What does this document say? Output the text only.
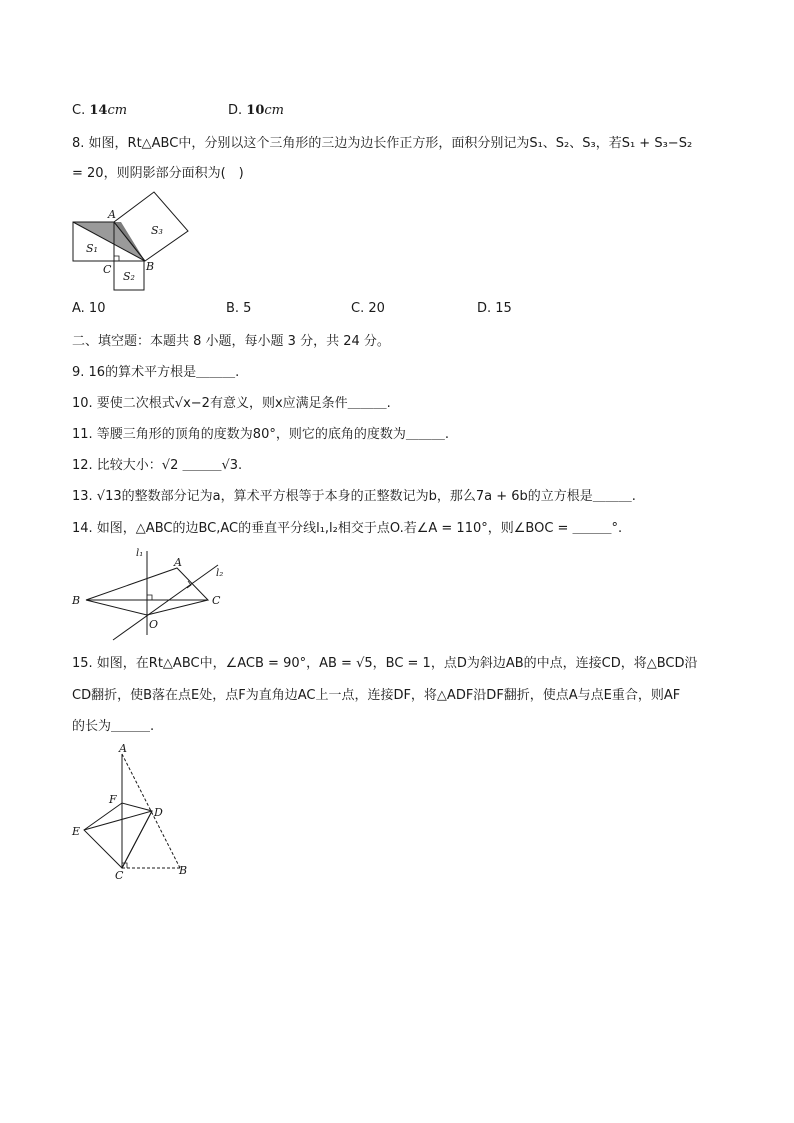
C. 14cm	D. 10cm
8. 如图，Rt△ABC中，分别以这个三角形的三边为边长作正方形，面积分别记为S₁、S₂、S₃，若S₁ + S₃−S₂
= 20，则阴影部分面积为(　)
A
B
C
S₁
S₂
S₃
A. 10	B. 5	C. 20	D. 15
二、填空题：本题共 8 小题，每小题 3 分，共 24 分。
9. 16的算术平方根是＿＿＿.
10. 要使二次根式√x−2有意义，则x应满足条件＿＿＿.
11. 等腰三角形的顶角的度数为80°，则它的底角的度数为＿＿＿.
12. 比较大小：√2 ＿＿＿√3.
13. √13的整数部分记为a，算术平方根等于本身的正整数记为b，那么7a + 6b的立方根是＿＿＿.
14. 如图，△ABC的边BC,AC的垂直平分线l₁,l₂相交于点O.若∠A = 110°，则∠BOC = ＿＿＿°.
l₁
l₂
A
B	C
O
15. 如图，在Rt△ABC中，∠ACB = 90°，AB = √5，BC = 1，点D为斜边AB的中点，连接CD，将△BCD沿
CD翻折，使B落在点E处，点F为直角边AC上一点，连接DF，将△ADF沿DF翻折，使点A与点E重合，则AF
的长为＿＿＿.
A
B
C
D
E
F
